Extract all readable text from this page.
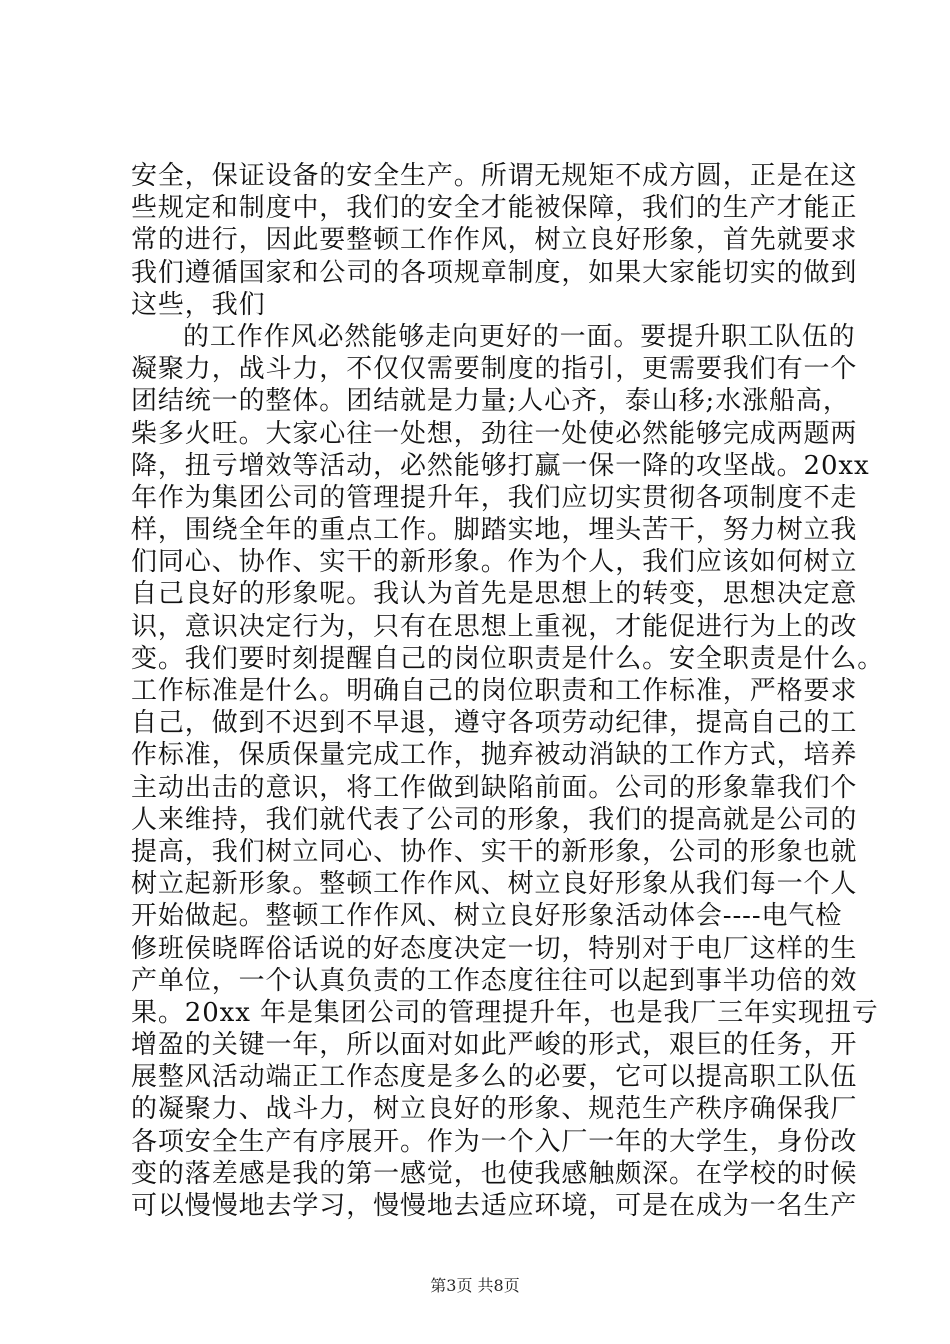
安全，保证设备的安全生产。所谓无规矩不成方圆，正是在这
些规定和制度中，我们的安全才能被保障，我们的生产才能正
常的进行，因此要整顿工作作风，树立良好形象，首先就要求
我们遵循国家和公司的各项规章制度，如果大家能切实的做到
这些，我们
的工作作风必然能够走向更好的一面。要提升职工队伍的
凝聚力，战斗力，不仅仅需要制度的指引，更需要我们有一个
团结统一的整体。团结就是力量;人心齐，泰山移;水涨船高，
柴多火旺。大家心往一处想，劲往一处使必然能够完成两题两
降，扭亏增效等活动，必然能够打赢一保一降的攻坚战。20xx
年作为集团公司的管理提升年，我们应切实贯彻各项制度不走
样，围绕全年的重点工作。脚踏实地，埋头苦干，努力树立我
们同心、协作、实干的新形象。作为个人，我们应该如何树立
自己良好的形象呢。我认为首先是思想上的转变，思想决定意
识，意识决定行为，只有在思想上重视，才能促进行为上的改
变。我们要时刻提醒自己的岗位职责是什么。安全职责是什么。
工作标准是什么。明确自己的岗位职责和工作标准，严格要求
自己，做到不迟到不早退，遵守各项劳动纪律，提高自己的工
作标准，保质保量完成工作，抛弃被动消缺的工作方式，培养
主动出击的意识，将工作做到缺陷前面。公司的形象靠我们个
人来维持，我们就代表了公司的形象，我们的提高就是公司的
提高，我们树立同心、协作、实干的新形象，公司的形象也就
树立起新形象。整顿工作作风、树立良好形象从我们每一个人
开始做起。整顿工作作风、树立良好形象活动体会----电气检
修班侯晓晖俗话说的好态度决定一切，特别对于电厂这样的生
产单位，一个认真负责的工作态度往往可以起到事半功倍的效
果。20xx 年是集团公司的管理提升年，也是我厂三年实现扭亏
增盈的关键一年，所以面对如此严峻的形式，艰巨的任务，开
展整风活动端正工作态度是多么的必要，它可以提高职工队伍
的凝聚力、战斗力，树立良好的形象、规范生产秩序确保我厂
各项安全生产有序展开。作为一个入厂一年的大学生，身份改
变的落差感是我的第一感觉，也使我感触颇深。在学校的时候
可以慢慢地去学习，慢慢地去适应环境，可是在成为一名生产
第3页 共8页
